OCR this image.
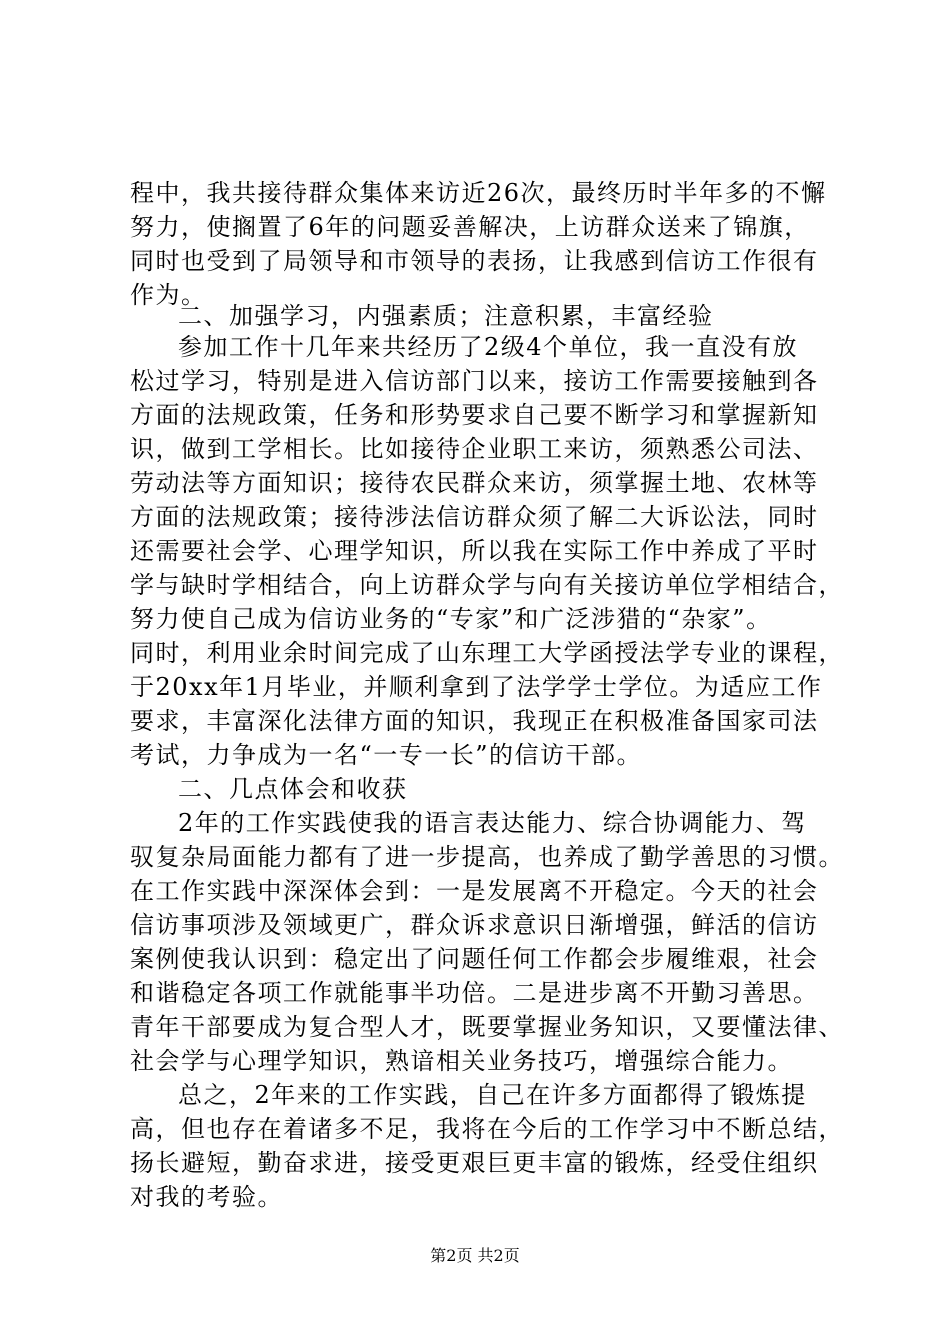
程中，我共接待群众集体来访近26次，最终历时半年多的不懈
努力，使搁置了6年的问题妥善解决，上访群众送来了锦旗，
同时也受到了局领导和市领导的表扬，让我感到信访工作很有
作为。
二、加强学习，内强素质；注意积累，丰富经验
参加工作十几年来共经历了2级4个单位，我一直没有放
松过学习，特别是进入信访部门以来，接访工作需要接触到各
方面的法规政策，任务和形势要求自己要不断学习和掌握新知
识，做到工学相长。比如接待企业职工来访，须熟悉公司法、
劳动法等方面知识；接待农民群众来访，须掌握土地、农林等
方面的法规政策；接待涉法信访群众须了解二大诉讼法，同时
还需要社会学、心理学知识，所以我在实际工作中养成了平时
学与缺时学相结合，向上访群众学与向有关接访单位学相结合，
努力使自己成为信访业务的“专家”和广泛涉猎的“杂家”。
同时，利用业余时间完成了山东理工大学函授法学专业的课程，
于20xx年1月毕业，并顺利拿到了法学学士学位。为适应工作
要求，丰富深化法律方面的知识，我现正在积极准备国家司法
考试，力争成为一名“一专一长”的信访干部。
二、几点体会和收获
2年的工作实践使我的语言表达能力、综合协调能力、驾
驭复杂局面能力都有了进一步提高，也养成了勤学善思的习惯。
在工作实践中深深体会到：一是发展离不开稳定。今天的社会
信访事项涉及领域更广，群众诉求意识日渐增强，鲜活的信访
案例使我认识到：稳定出了问题任何工作都会步履维艰，社会
和谐稳定各项工作就能事半功倍。二是进步离不开勤习善思。
青年干部要成为复合型人才，既要掌握业务知识，又要懂法律、
社会学与心理学知识，熟谙相关业务技巧，增强综合能力。
总之，2年来的工作实践，自己在许多方面都得了锻炼提
高，但也存在着诸多不足，我将在今后的工作学习中不断总结，
扬长避短，勤奋求进，接受更艰巨更丰富的锻炼，经受住组织
对我的考验。
第2页 共2页
